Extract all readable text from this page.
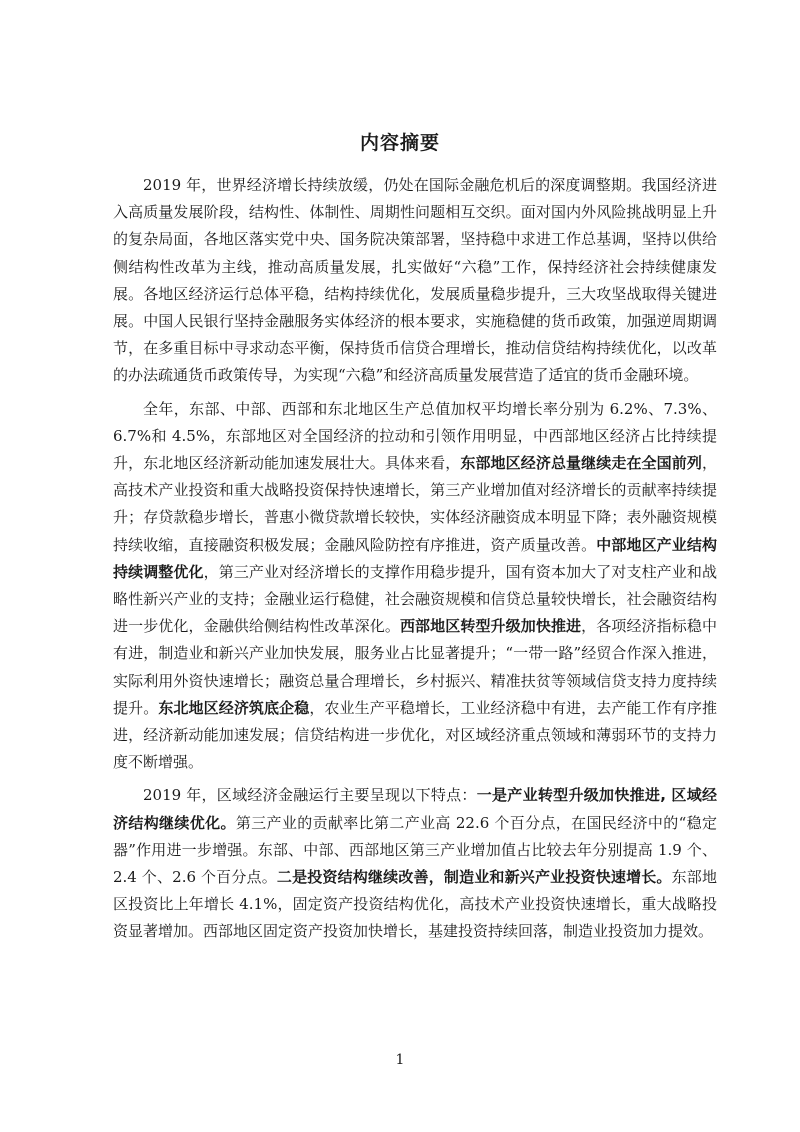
内容摘要

2019 年，世界经济增长持续放缓，仍处在国际金融危机后的深度调整期。我国经济进入高质量发展阶段，结构性、体制性、周期性问题相互交织。面对国内外风险挑战明显上升的复杂局面，各地区落实党中央、国务院决策部署，坚持稳中求进工作总基调，坚持以供给侧结构性改革为主线，推动高质量发展，扎实做好“六稳”工作，保持经济社会持续健康发展。各地区经济运行总体平稳，结构持续优化，发展质量稳步提升，三大攻坚战取得关键进展。中国人民银行坚持金融服务实体经济的根本要求，实施稳健的货币政策，加强逆周期调节，在多重目标中寻求动态平衡，保持货币信贷合理增长，推动信贷结构持续优化，以改革的办法疏通货币政策传导，为实现“六稳”和经济高质量发展营造了适宜的货币金融环境。

全年，东部、中部、西部和东北地区生产总值加权平均增长率分别为 6.2%、7.3%、6.7%和 4.5%，东部地区对全国经济的拉动和引领作用明显，中西部地区经济占比持续提升，东北地区经济新动能加速发展壮大。具体来看，东部地区经济总量继续走在全国前列，高技术产业投资和重大战略投资保持快速增长，第三产业增加值对经济增长的贡献率持续提升；存贷款稳步增长，普惠小微贷款增长较快，实体经济融资成本明显下降；表外融资规模持续收缩，直接融资积极发展；金融风险防控有序推进，资产质量改善。中部地区产业结构持续调整优化，第三产业对经济增长的支撑作用稳步提升，国有资本加大了对支柱产业和战略性新兴产业的支持；金融业运行稳健，社会融资规模和信贷总量较快增长，社会融资结构进一步优化，金融供给侧结构性改革深化。西部地区转型升级加快推进，各项经济指标稳中有进，制造业和新兴产业加快发展，服务业占比显著提升；“一带一路”经贸合作深入推进，实际利用外资快速增长；融资总量合理增长，乡村振兴、精准扶贫等领域信贷支持力度持续提升。东北地区经济筑底企稳，农业生产平稳增长，工业经济稳中有进，去产能工作有序推进，经济新动能加速发展；信贷结构进一步优化，对区域经济重点领域和薄弱环节的支持力度不断增强。

2019 年，区域经济金融运行主要呈现以下特点：一是产业转型升级加快推进, 区域经济结构继续优化。第三产业的贡献率比第二产业高 22.6 个百分点，在国民经济中的“稳定器”作用进一步增强。东部、中部、西部地区第三产业增加值占比较去年分别提高 1.9 个、2.4 个、2.6 个百分点。二是投资结构继续改善，制造业和新兴产业投资快速增长。东部地区投资比上年增长 4.1%，固定资产投资结构优化，高技术产业投资快速增长，重大战略投资显著增加。西部地区固定资产投资加快增长，基建投资持续回落，制造业投资加力提效。

1
